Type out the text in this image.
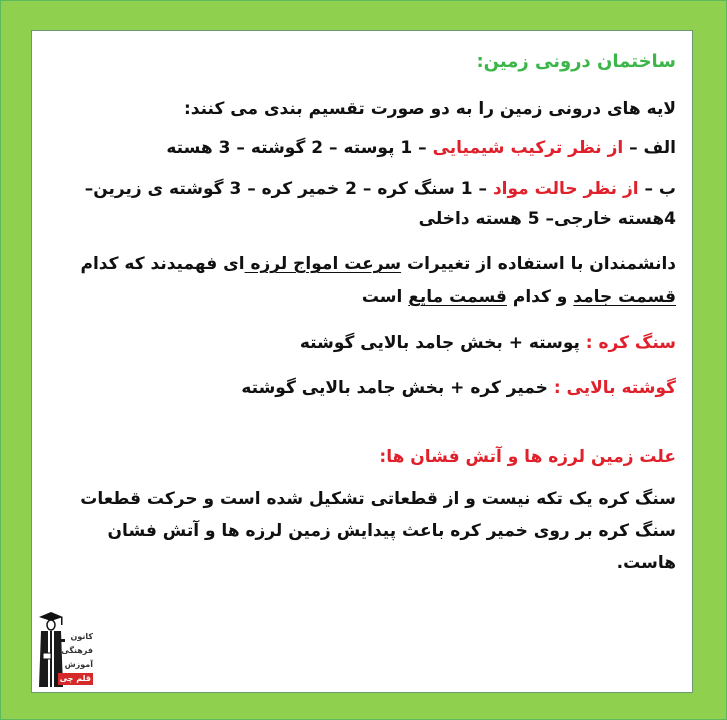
ساختمان درونی زمین:

لایه های درونی زمین را به دو صورت تقسیم بندی می کنند:

الف – از نظر ترکیب شیمیایی – 1 پوسته – 2 گوشته – 3 هسته

ب – از نظر حالت مواد – 1 سنگ کره – 2 خمیر کره – 3 گوشته ی زیرین–

4هسته خارجی– 5 هسته داخلی

دانشمندان با استفاده از تغییرات سرعت امواج لرزه ای فهمیدند که کدام قسمت جامد و کدام قسمت مایع است

سنگ کره : پوسته + بخش جامد بالایی گوشته

گوشته بالایی : خمیر کره + بخش جامد بالایی گوشته

علت زمین لرزه ها و آتش فشان ها:

سنگ کره یک تکه نیست و از قطعاتی تشکیل شده است و حرکت قطعات سنگ کره بر روی خمیر کره باعث پیدایش زمین لرزه ها و آتش فشان هاست.

کانون
فرهنگی
آموزش
قلم چی
